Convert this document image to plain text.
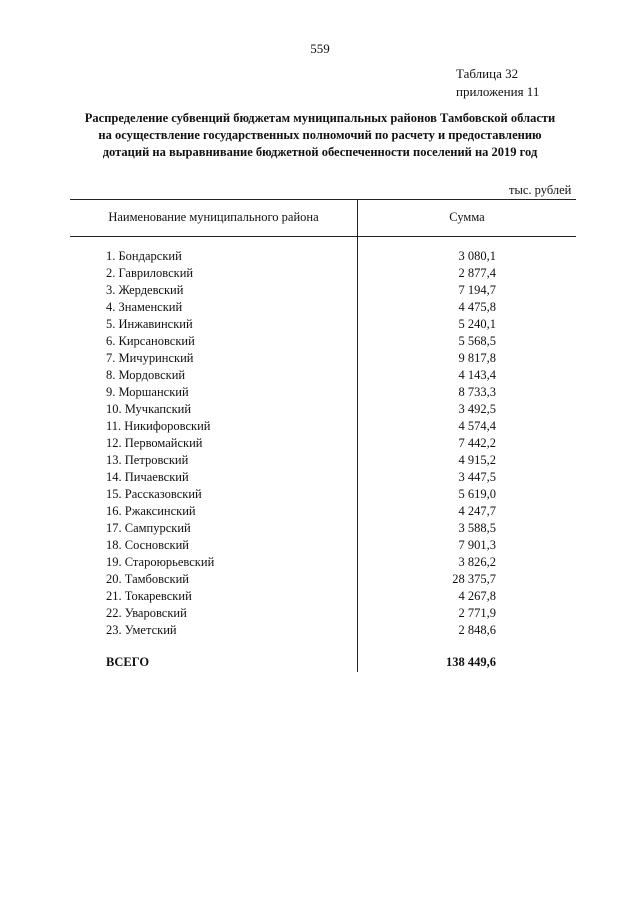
559
Таблица 32
приложения 11
Распределение субвенций бюджетам муниципальных районов Тамбовской области
на осуществление государственных полномочий по расчету и предоставлению
дотаций на выравнивание бюджетной обеспеченности поселений на 2019 год
тыс. рублей
Наименование муниципального района	Сумма
1. Бондарский	3 080,1
2. Гавриловский	2 877,4
3. Жердевский	7 194,7
4. Знаменский	4 475,8
5. Инжавинский	5 240,1
6. Кирсановский	5 568,5
7. Мичуринский	9 817,8
8. Мордовский	4 143,4
9. Моршанский	8 733,3
10. Мучкапский	3 492,5
11. Никифоровский	4 574,4
12. Первомайский	7 442,2
13. Петровский	4 915,2
14. Пичаевский	3 447,5
15. Рассказовский	5 619,0
16. Ржаксинский	4 247,7
17. Сампурский	3 588,5
18. Сосновский	7 901,3
19. Староюрьевский	3 826,2
20. Тамбовский	28 375,7
21. Токаревский	4 267,8
22. Уваровский	2 771,9
23. Уметский	2 848,6
ВСЕГО	138 449,6
